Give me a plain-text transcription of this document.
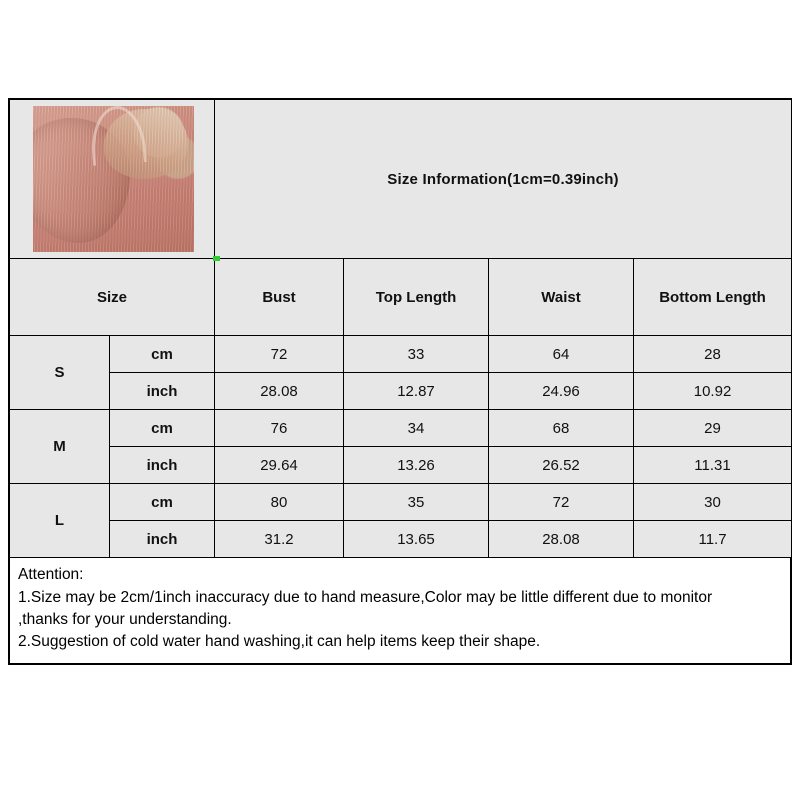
		Size Information(1cm=0.39inch)			
Size		Bust	Top Length	Waist	Bottom Length
S	cm	72	33	64	28
	inch	28.08	12.87	24.96	10.92
M	cm	76	34	68	29
	inch	29.64	13.26	26.52	11.31
L	cm	80	35	72	30
	inch	31.2	13.65	28.08	11.7
Attention:
1.Size may be 2cm/1inch inaccuracy due to hand measure,Color may be little different due to monitor
,thanks for your understanding.
2.Suggestion of cold water hand washing,it can help items keep their shape.
